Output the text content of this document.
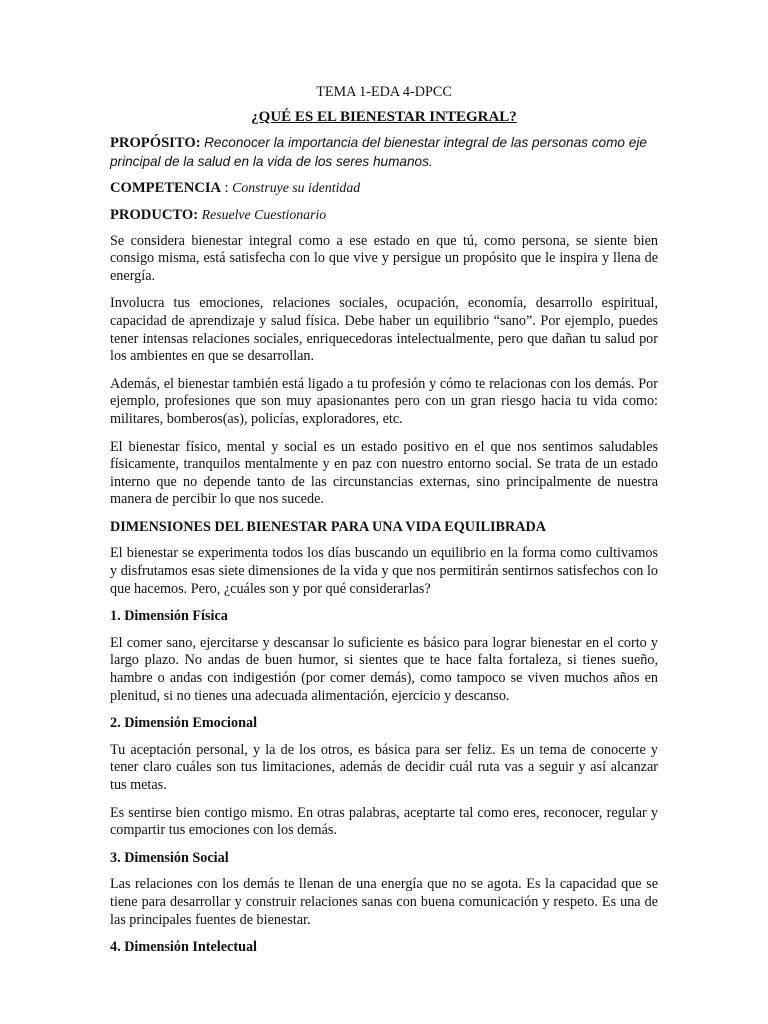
TEMA 1-EDA 4-DPCC
¿QUÉ ES EL BIENESTAR INTEGRAL?
PROPÓSITO: Reconocer la importancia del bienestar integral de las personas como eje principal de la salud en la vida de los seres humanos.
COMPETENCIA : Construye su identidad
PRODUCTO: Resuelve Cuestionario

Se considera bienestar integral como a ese estado en que tú, como persona, se siente bien consigo misma, está satisfecha con lo que vive y persigue un propósito que le inspira y llena de energía.

Involucra tus emociones, relaciones sociales, ocupación, economía, desarrollo espiritual, capacidad de aprendizaje y salud física. Debe haber un equilibrio “sano”. Por ejemplo, puedes tener intensas relaciones sociales, enriquecedoras intelectualmente, pero que dañan tu salud por los ambientes en que se desarrollan.

Además, el bienestar también está ligado a tu profesión y cómo te relacionas con los demás. Por ejemplo, profesiones que son muy apasionantes pero con un gran riesgo hacia tu vida como: militares, bomberos(as), policías, exploradores, etc.

El bienestar físico, mental y social es un estado positivo en el que nos sentimos saludables físicamente, tranquilos mentalmente y en paz con nuestro entorno social. Se trata de un estado interno que no depende tanto de las circunstancias externas, sino principalmente de nuestra manera de percibir lo que nos sucede.

DIMENSIONES DEL BIENESTAR PARA UNA VIDA EQUILIBRADA

El bienestar se experimenta todos los días buscando un equilibrio en la forma como cultivamos y disfrutamos esas siete dimensiones de la vida y que nos permitirán sentirnos satisfechos con lo que hacemos. Pero, ¿cuáles son y por qué considerarlas?

1. Dimensión Física

El comer sano, ejercitarse y descansar lo suficiente es básico para lograr bienestar en el corto y largo plazo. No andas de buen humor, si sientes que te hace falta fortaleza, si tienes sueño, hambre o andas con indigestión (por comer demás), como tampoco se viven muchos años en plenitud, si no tienes una adecuada alimentación, ejercicio y descanso.

2. Dimensión Emocional

Tu aceptación personal, y la de los otros, es básica para ser feliz. Es un tema de conocerte y tener claro cuáles son tus limitaciones, además de decidir cuál ruta vas a seguir y así alcanzar tus metas.

Es sentirse bien contigo mismo. En otras palabras, aceptarte tal como eres, reconocer, regular y compartir tus emociones con los demás.

3. Dimensión Social

Las relaciones con los demás te llenan de una energía que no se agota. Es la capacidad que se tiene para desarrollar y construir relaciones sanas con buena comunicación y respeto. Es una de las principales fuentes de bienestar.

4. Dimensión Intelectual
